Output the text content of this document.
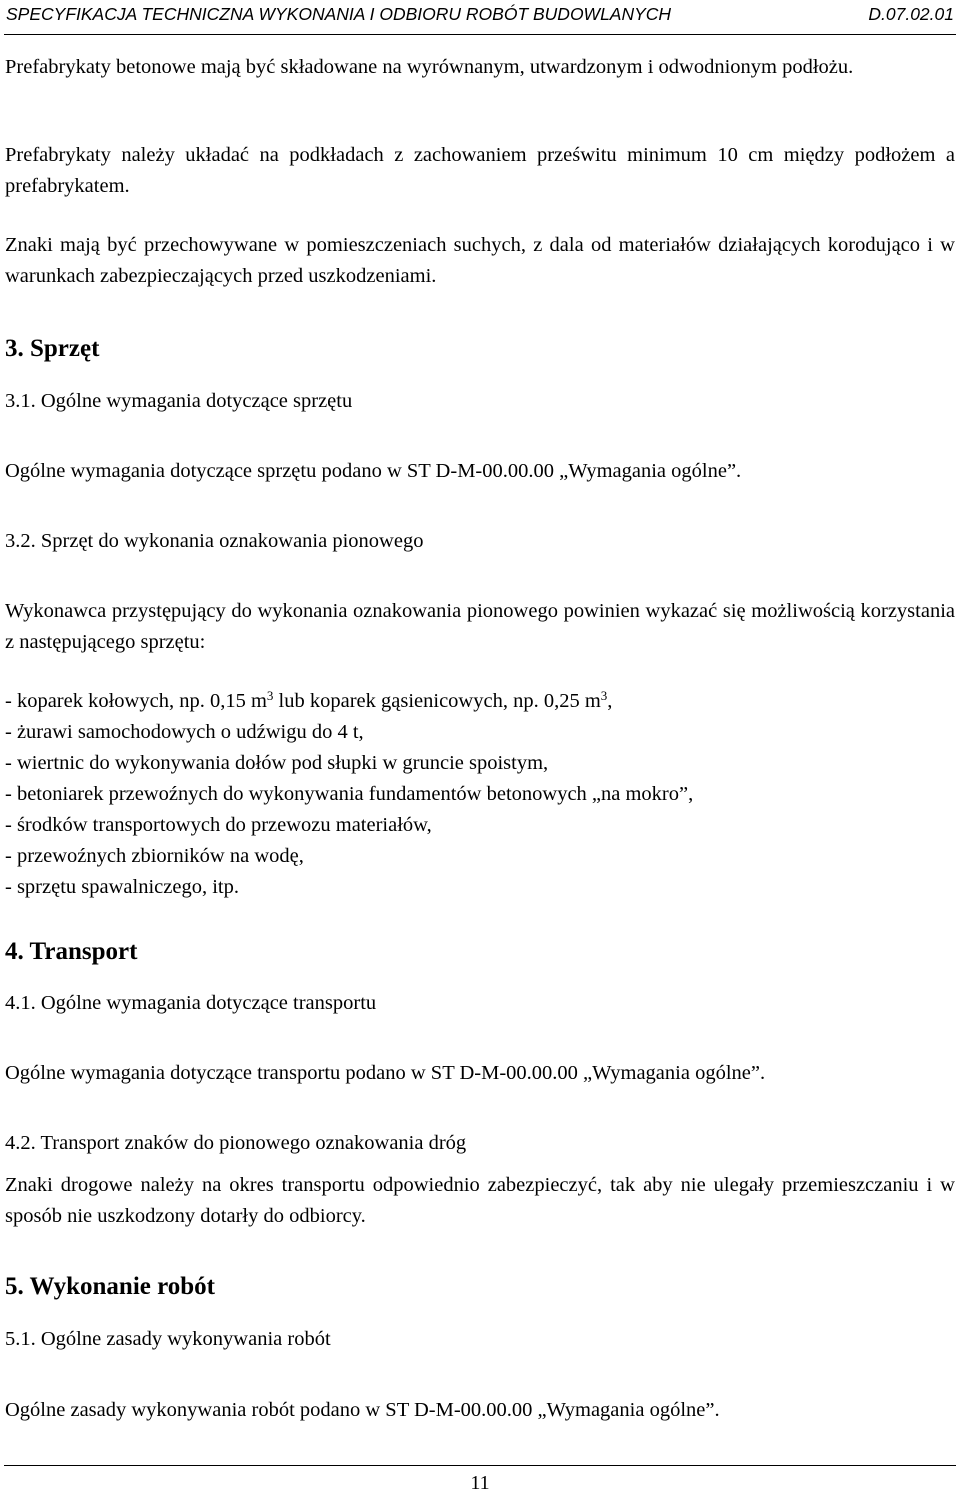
SPECYFIKACJA TECHNICZNA WYKONANIA I ODBIORU ROBÓT BUDOWLANYCH	D.07.02.01

Prefabrykaty betonowe mają być składowane na wyrównanym, utwardzonym i odwodnionym podłożu.

Prefabrykaty należy układać na podkładach z zachowaniem prześwitu minimum 10 cm między podłożem a prefabrykatem.

Znaki mają być przechowywane w pomieszczeniach suchych, z dala od materiałów działających korodująco i w warunkach zabezpieczających przed uszkodzeniami.

3. Sprzęt

3.1. Ogólne wymagania dotyczące sprzętu

Ogólne wymagania dotyczące sprzętu podano w ST D-M-00.00.00 „Wymagania ogólne”.

3.2. Sprzęt do wykonania oznakowania pionowego

Wykonawca przystępujący do wykonania oznakowania pionowego powinien wykazać się możliwością korzystania z następującego sprzętu:

- koparek kołowych, np. 0,15 $m^3$ lub koparek gąsienicowych, np. 0,25 $m^3$,
- żurawi samochodowych o udźwigu do 4 t,
- wiertnic do wykonywania dołów pod słupki w gruncie spoistym,
- betoniarek przewoźnych do wykonywania fundamentów betonowych „na mokro”,
- środków transportowych do przewozu materiałów,
- przewoźnych zbiorników na wodę,
- sprzętu spawalniczego, itp.
4. Transport

4.1. Ogólne wymagania dotyczące transportu

Ogólne wymagania dotyczące transportu podano w ST D-M-00.00.00 „Wymagania ogólne”.

4.2. Transport znaków do pionowego oznakowania dróg

Znaki drogowe należy na okres transportu odpowiednio zabezpieczyć, tak aby nie ulegały przemieszczaniu i w sposób nie uszkodzony dotarły do odbiorcy.

5. Wykonanie robót

5.1. Ogólne zasady wykonywania robót

Ogólne zasady wykonywania robót podano w ST D-M-00.00.00 „Wymagania ogólne”.

11
